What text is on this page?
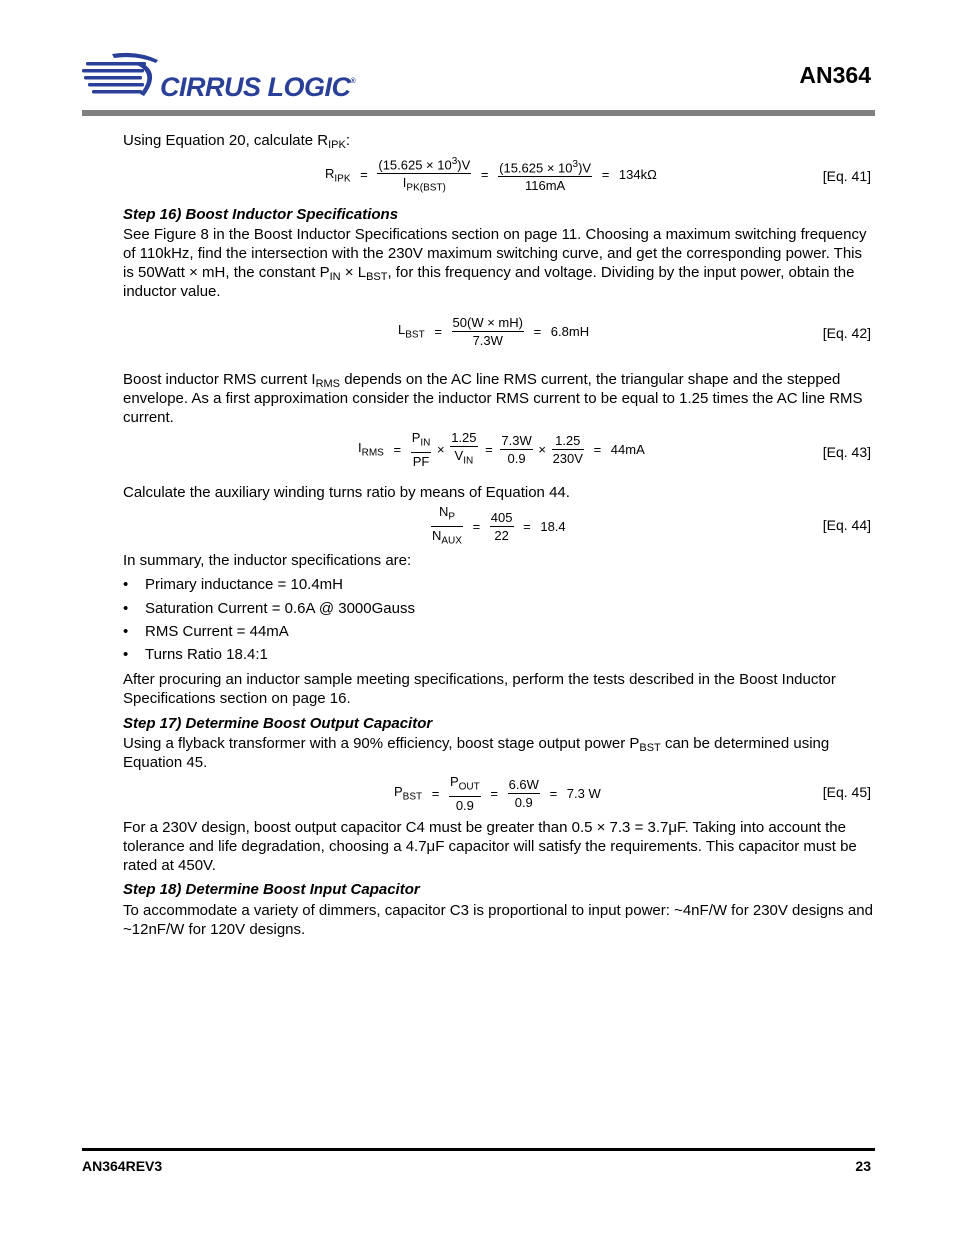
CIRRUS LOGIC®	AN364
Using Equation 20, calculate $R_{IPK}$:
$R_{IPK} = \frac{(15.625 \times 10^3)V}{I_{PK(BST)}} = \frac{(15.625 \times 10^3)V}{116mA} = 134k\Omega$	[Eq. 41]
Step 16) Boost Inductor Specifications
See Figure 8 in the Boost Inductor Specifications section on page 11. Choosing a maximum switching frequency of 110kHz, find the intersection with the 230V maximum switching curve, and get the corresponding power. This is 50Watt × mH, the constant $P_{IN} \times L_{BST}$, for this frequency and voltage. Dividing by the input power, obtain the inductor value.
$L_{BST} = \frac{50(W \times mH)}{7.3W} = 6.8mH$	[Eq. 42]
Boost inductor RMS current $I_{RMS}$ depends on the AC line RMS current, the triangular shape and the stepped envelope. As a first approximation consider the inductor RMS current to be equal to 1.25 times the AC line RMS current.
$I_{RMS} = \frac{P_{IN}}{PF} \times \frac{1.25}{V_{IN}} = \frac{7.3W}{0.9} \times \frac{1.25}{230V} = 44mA$	[Eq. 43]
Calculate the auxiliary winding turns ratio by means of Equation 44.
$\frac{N_P}{N_{AUX}} = \frac{405}{22} = 18.4$	[Eq. 44]
In summary, the inductor specifications are:
• Primary inductance = 10.4mH
• Saturation Current = 0.6A @ 3000Gauss
• RMS Current = 44mA
• Turns Ratio 18.4:1
After procuring an inductor sample meeting specifications, perform the tests described in the Boost Inductor Specifications section on page 16.
Step 17) Determine Boost Output Capacitor
Using a flyback transformer with a 90% efficiency, boost stage output power $P_{BST}$ can be determined using Equation 45.
$P_{BST} = \frac{P_{OUT}}{0.9} = \frac{6.6W}{0.9} = 7.3$ W	[Eq. 45]
For a 230V design, boost output capacitor C4 must be greater than 0.5 × 7.3 = 3.7μF. Taking into account the tolerance and life degradation, choosing a 4.7μF capacitor will satisfy the requirements. This capacitor must be rated at 450V.
Step 18) Determine Boost Input Capacitor
To accommodate a variety of dimmers, capacitor C3 is proportional to input power: ~4nF/W for 230V designs and ~12nF/W for 120V designs.
AN364REV3	23
